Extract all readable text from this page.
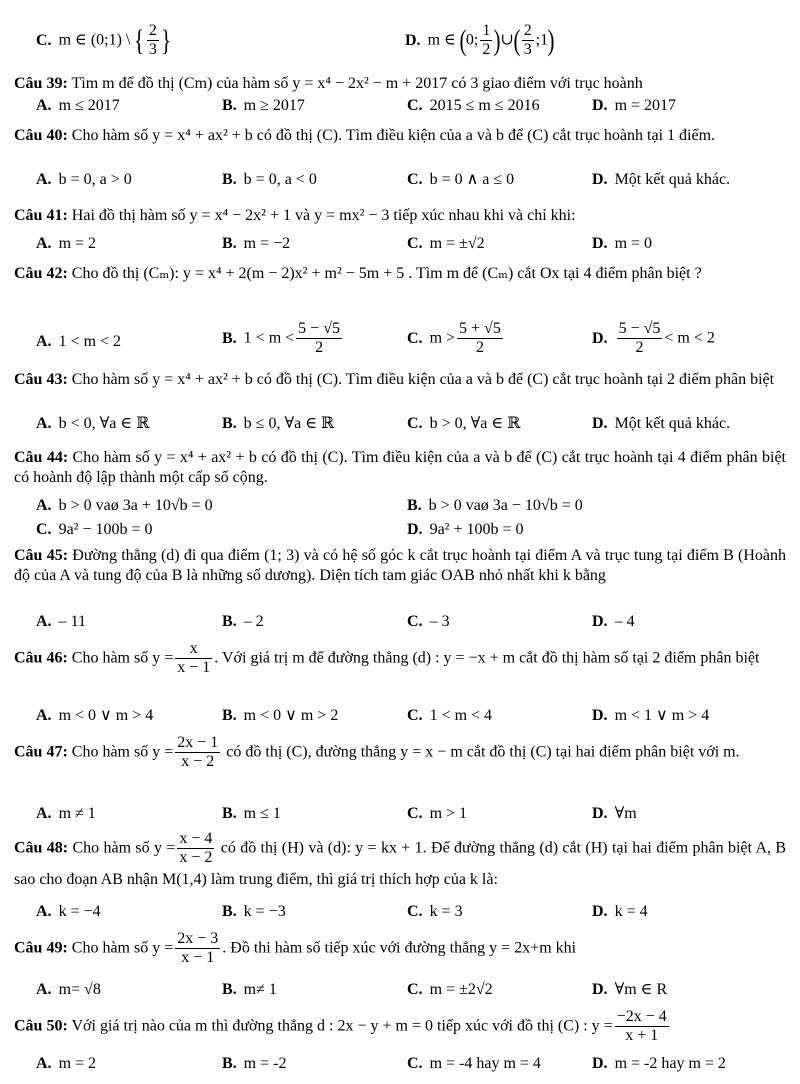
C. m ∈ (0;1) \ { $\frac{2}{3}$ }	D. m ∈ (0; $\frac{1}{2}$ )∪( $\frac{2}{3}$ ;1)
Câu 39: Tìm m để đồ thị (Cm) của hàm số y = x⁴ − 2x² − m + 2017 có 3 giao điểm với trục hoành
A. m ≤ 2017	B. m ≥ 2017	C. 2015 ≤ m ≤ 2016	D. m = 2017
Câu 40: Cho hàm số y = x⁴ + ax² + b có đồ thị (C). Tìm điều kiện của a và b để (C) cắt trục hoành tại 1 điểm.
A. b = 0, a > 0	B. b = 0, a < 0	C. b = 0 ∧ a ≤ 0	D. Một kết quả khác.
Câu 41: Hai đồ thị hàm số y = x⁴ − 2x² + 1 và y = mx² − 3 tiếp xúc nhau khi và chỉ khi:
A. m = 2	B. m = −2	C. m = ±√2	D. m = 0
Câu 42: Cho đồ thị (Cₘ): y = x⁴ + 2(m − 2)x² + m² − 5m + 5 . Tìm m để (Cₘ) cắt Ox tại 4 điểm phân biệt ?
A. 1 < m < 2	B. $1 < m < \frac{5 - √5}{2}$	C. $m > \frac{5 + √5}{2}$	D. $\frac{5 - √5}{2} < m < 2$
Câu 43: Cho hàm số y = x⁴ + ax² + b có đồ thị (C). Tìm điều kiện của a và b để (C) cắt trục hoành tại 2 điểm phân biệt
A. b < 0, ∀a ∈ ℝ	B. b ≤ 0, ∀a ∈ ℝ	C. b > 0, ∀a ∈ ℝ	D. Một kết quả khác.
Câu 44: Cho hàm số y = x⁴ + ax² + b có đồ thị (C). Tìm điều kiện của a và b để (C) cắt trục hoành tại 4 điểm phân biệt có hoành độ lập thành một cấp số cộng.
A. b > 0 vaø 3a + 10√b = 0	B. b > 0 vaø 3a − 10√b = 0
C. 9a² − 100b = 0	D. 9a² + 100b = 0
Câu 45: Đường thẳng (d) đi qua điểm (1; 3) và có hệ số góc k cắt trục hoành tại điểm A và trục tung tại điểm B (Hoành độ của A và tung độ của B là những số dương). Diện tích tam giác OAB nhỏ nhất khi k bằng
A. – 11	B. – 2	C. – 3	D. – 4
Câu 46: Cho hàm số $y = \frac{x}{x - 1}$ . Với giá trị m để đường thẳng (d) : y = −x + m cắt đồ thị hàm số tại 2 điểm phân biệt
A. m < 0 ∨ m > 4	B. m < 0 ∨ m > 2	C. 1 < m < 4	D. m < 1 ∨ m > 4
Câu 47: Cho hàm số $y = \frac{2x - 1}{x - 2}$ có đồ thị (C), đường thẳng y = x − m cắt đồ thị (C) tại hai điểm phân biệt với m.
A. m ≠ 1	B. m ≤ 1	C. m > 1	D. ∀m
Câu 48: Cho hàm số $y = \frac{x - 4}{x - 2}$ có đồ thị (H) và (d): y = kx + 1. Để đường thẳng (d) cắt (H) tại hai điểm phân biệt A, B sao cho đoạn AB nhận M(1,4) làm trung điểm, thì giá trị thích hợp của k là:
A. k = −4	B. k = −3	C. k = 3	D. k = 4
Câu 49: Cho hàm số $y = \frac{2x - 3}{x - 1}$ . Đồ thi hàm số tiếp xúc với đường thẳng y = 2x+m khi
A. m= √8	B. m≠ 1	C. m = ±2√2	D. ∀m ∈ R
Câu 50: Với giá trị nào của m thì đường thẳng d : 2x − y + m = 0 tiếp xúc với đồ thị (C) : $y = \frac{-2x - 4}{x + 1}$
A. m = 2	B. m = -2	C. m = -4 hay m = 4	D. m = -2 hay m = 2
